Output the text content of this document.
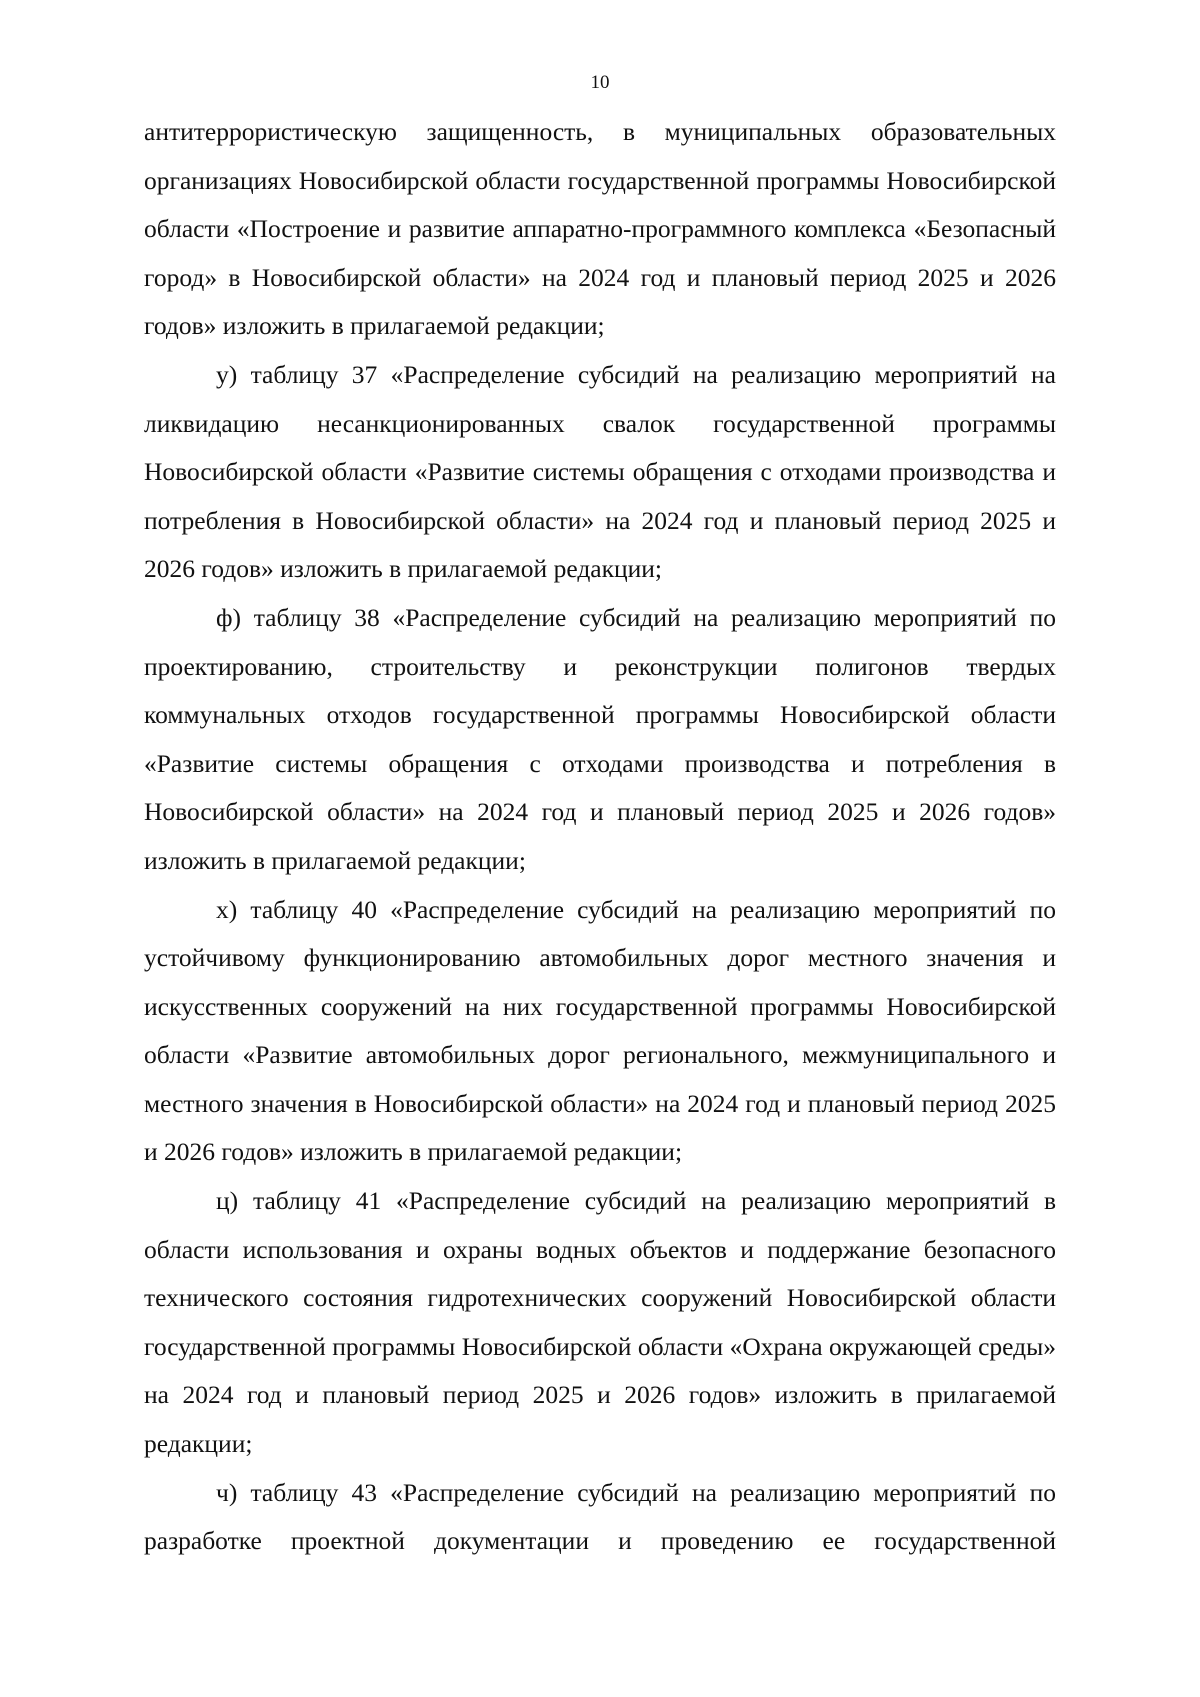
10

антитеррористическую защищенность, в муниципальных образовательных организациях Новосибирской области государственной программы Новосибирской области «Построение и развитие аппаратно-программного комплекса «Безопасный город» в Новосибирской области» на 2024 год и плановый период 2025 и 2026 годов» изложить в прилагаемой редакции;

у) таблицу 37 «Распределение субсидий на реализацию мероприятий на ликвидацию несанкционированных свалок государственной программы Новосибирской области «Развитие системы обращения с отходами производства и потребления в Новосибирской области» на 2024 год и плановый период 2025 и 2026 годов» изложить в прилагаемой редакции;

ф) таблицу 38 «Распределение субсидий на реализацию мероприятий по проектированию, строительству и реконструкции полигонов твердых коммунальных отходов государственной программы Новосибирской области «Развитие системы обращения с отходами производства и потребления в Новосибирской области» на 2024 год и плановый период 2025 и 2026 годов» изложить в прилагаемой редакции;

х) таблицу 40 «Распределение субсидий на реализацию мероприятий по устойчивому функционированию автомобильных дорог местного значения и искусственных сооружений на них государственной программы Новосибирской области «Развитие автомобильных дорог регионального, межмуниципального и местного значения в Новосибирской области» на 2024 год и плановый период 2025 и 2026 годов» изложить в прилагаемой редакции;

ц) таблицу 41 «Распределение субсидий на реализацию мероприятий в области использования и охраны водных объектов и поддержание безопасного технического состояния гидротехнических сооружений Новосибирской области государственной программы Новосибирской области «Охрана окружающей среды» на 2024 год и плановый период 2025 и 2026 годов» изложить в прилагаемой редакции;

ч) таблицу 43 «Распределение субсидий на реализацию мероприятий по разработке проектной документации и проведению ее государственной
